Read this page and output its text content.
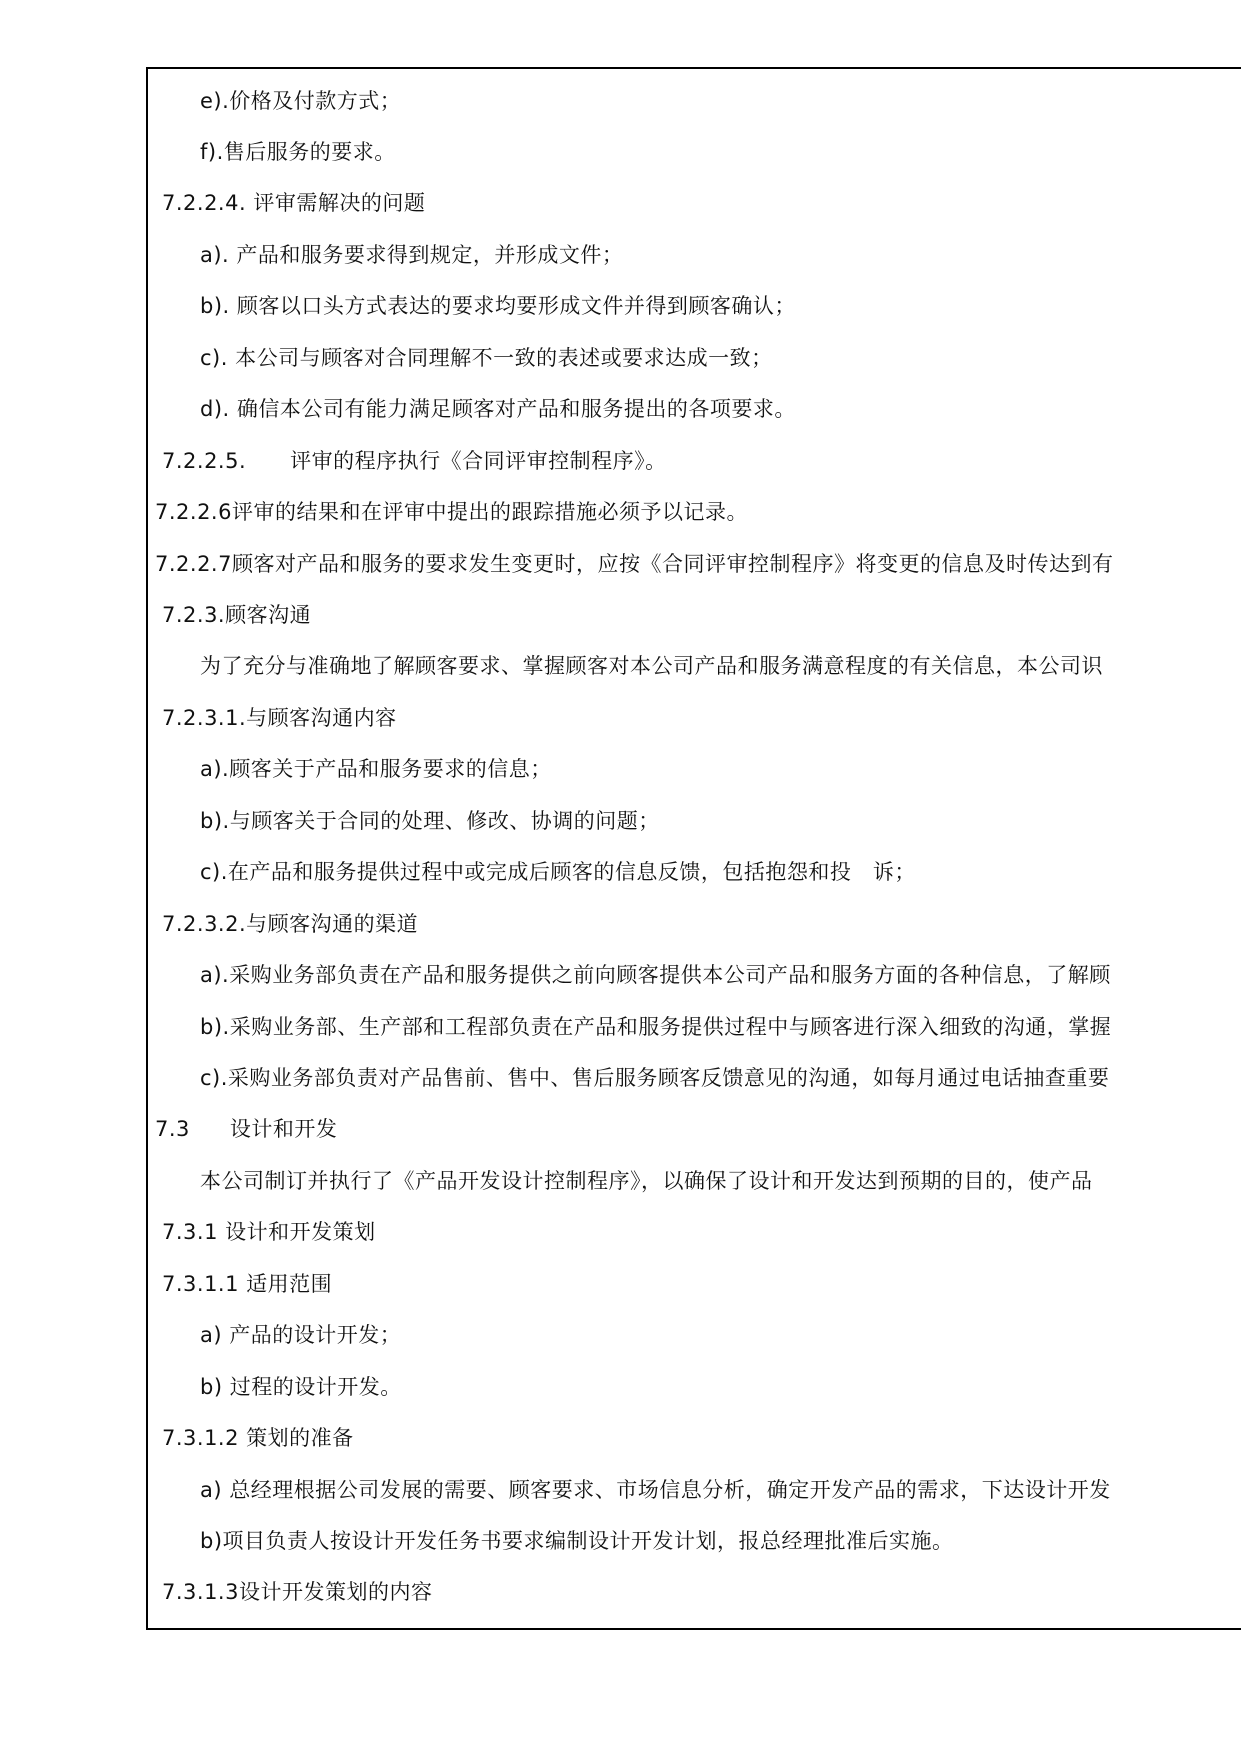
e).价格及付款方式；
f).售后服务的要求。
7.2.2.4. 评审需解决的问题
a). 产品和服务要求得到规定，并形成文件；
b). 顾客以口头方式表达的要求均要形成文件并得到顾客确认；
c). 本公司与顾客对合同理解不一致的表述或要求达成一致；
d). 确信本公司有能力满足顾客对产品和服务提出的各项要求。
7.2.2.5. 评审的程序执行《合同评审控制程序》。
7.2.2.6评审的结果和在评审中提出的跟踪措施必须予以记录。
7.2.2.7顾客对产品和服务的要求发生变更时，应按《合同评审控制程序》将变更的信息及时传达到有
7.2.3.顾客沟通
为了充分与准确地了解顾客要求、掌握顾客对本公司产品和服务满意程度的有关信息，本公司识
7.2.3.1.与顾客沟通内容
a).顾客关于产品和服务要求的信息；
b).与顾客关于合同的处理、修改、协调的问题；
c).在产品和服务提供过程中或完成后顾客的信息反馈，包括抱怨和投　诉；
7.2.3.2.与顾客沟通的渠道
a).采购业务部负责在产品和服务提供之前向顾客提供本公司产品和服务方面的各种信息，了解顾
b).采购业务部、生产部和工程部负责在产品和服务提供过程中与顾客进行深入细致的沟通，掌握
c).采购业务部负责对产品售前、售中、售后服务顾客反馈意见的沟通，如每月通过电话抽查重要
7.3 设计和开发
本公司制订并执行了《产品开发设计控制程序》，以确保了设计和开发达到预期的目的，使产品
7.3.1 设计和开发策划
7.3.1.1 适用范围
a) 产品的设计开发；
b) 过程的设计开发。
7.3.1.2 策划的准备
a) 总经理根据公司发展的需要、顾客要求、市场信息分析，确定开发产品的需求，下达设计开发
b)项目负责人按设计开发任务书要求编制设计开发计划，报总经理批准后实施。
7.3.1.3设计开发策划的内容
